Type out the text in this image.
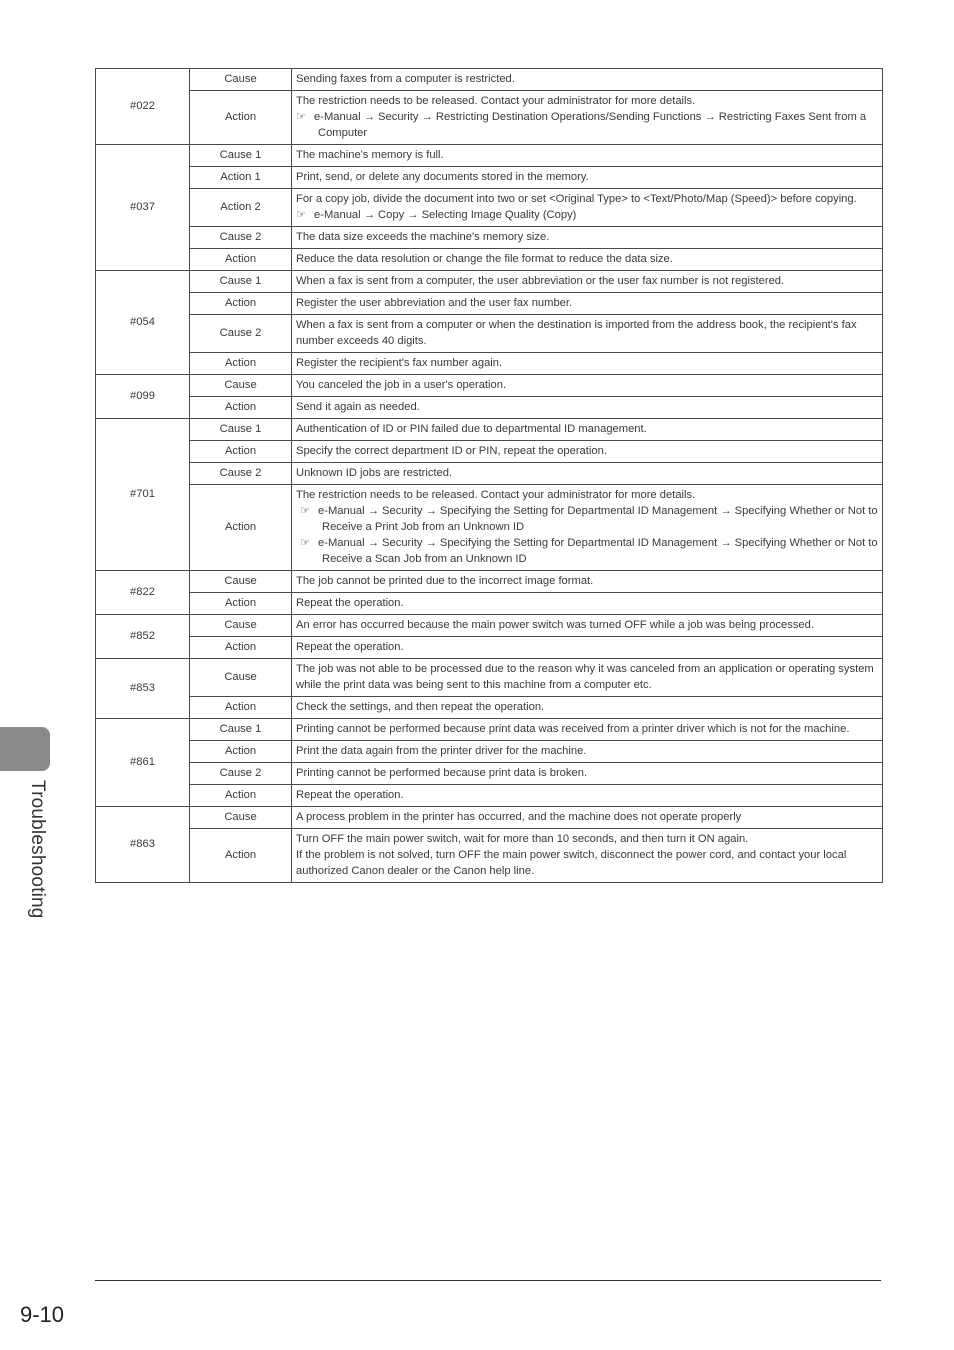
Troubleshooting
#022	Cause	Sending faxes from a computer is restricted.

	Action	The restriction needs to be released. Contact your administrator for more details.
☞ e-Manual → Security → Restricting Destination Operations/Sending Functions → Restricting Faxes Sent from a Computer

#037	Cause 1	The machine's memory is full.

	Action 1	Print, send, or delete any documents stored in the memory.

	Action 2	For a copy job, divide the document into two or set <Original Type> to <Text/Photo/Map (Speed)> before copying.
☞ e-Manual → Copy → Selecting Image Quality (Copy)

	Cause 2	The data size exceeds the machine's memory size.

	Action	Reduce the data resolution or change the file format to reduce the data size.

#054	Cause 1	When a fax is sent from a computer, the user abbreviation or the user fax number is not registered.

	Action	Register the user abbreviation and the user fax number.

	Cause 2	When a fax is sent from a computer or when the destination is imported from the address book, the recipient's fax number exceeds 40 digits.

	Action	Register the recipient's fax number again.

#099	Cause	You canceled the job in a user's operation.

	Action	Send it again as needed.

#701	Cause 1	Authentication of ID or PIN failed due to departmental ID management.

	Action	Specify the correct department ID or PIN, repeat the operation.

	Cause 2	Unknown ID jobs are restricted.

	Action	The restriction needs to be released. Contact your administrator for more details.
☞ e-Manual → Security → Specifying the Setting for Departmental ID Management → Specifying Whether or Not to Receive a Print Job from an Unknown ID
☞ e-Manual → Security → Specifying the Setting for Departmental ID Management → Specifying Whether or Not to Receive a Scan Job from an Unknown ID

#822	Cause	The job cannot be printed due to the incorrect image format.

	Action	Repeat the operation.

#852	Cause	An error has occurred because the main power switch was turned OFF while a job was being processed.

	Action	Repeat the operation.

#853	Cause	The job was not able to be processed due to the reason why it was canceled from an application or operating system while the print data was being sent to this machine from a computer etc.

	Action	Check the settings, and then repeat the operation.

#861	Cause 1	Printing cannot be performed because print data was received from a printer driver which is not for the machine.

	Action	Print the data again from the printer driver for the machine.

	Cause 2	Printing cannot be performed because print data is broken.

	Action	Repeat the operation.

#863	Cause	A process problem in the printer has occurred, and the machine does not operate properly

	Action	Turn OFF the main power switch, wait for more than 10 seconds, and then turn it ON again.
If the problem is not solved, turn OFF the main power switch, disconnect the power cord, and contact your local authorized Canon dealer or the Canon help line.
9-10
